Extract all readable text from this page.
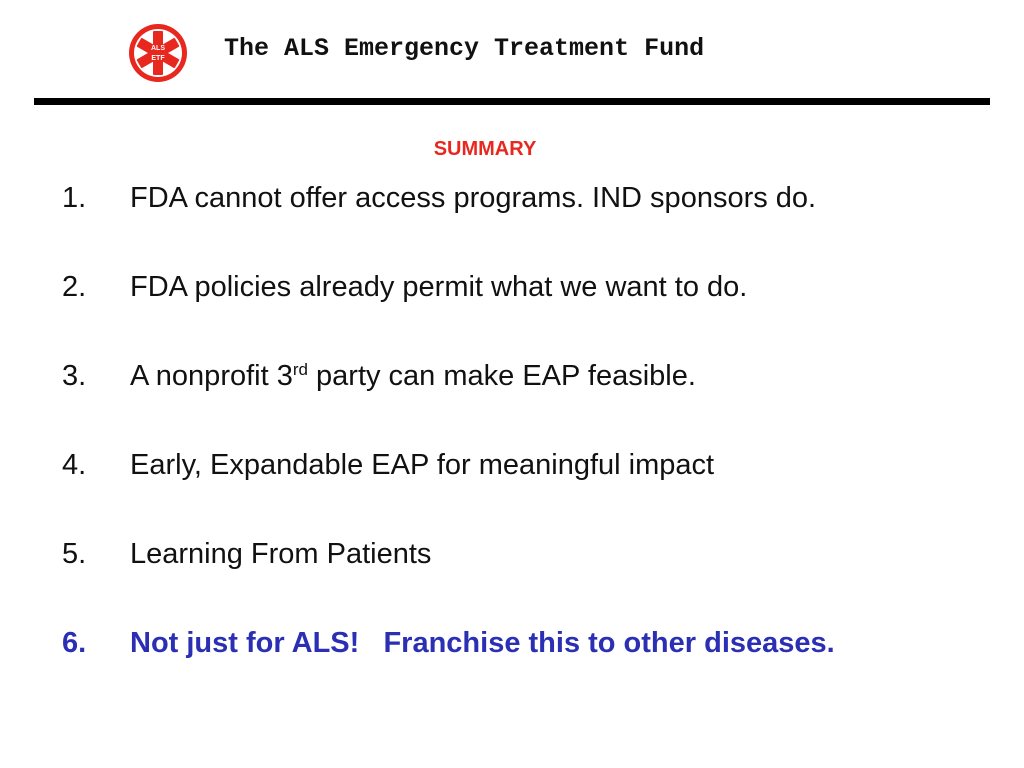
ALS
ETF The ALS Emergency Treatment Fund
SUMMARY
1. FDA cannot offer access programs. IND sponsors do.
2. FDA policies already permit what we want to do.
3. A nonprofit 3rd party can make EAP feasible.
4. Early, Expandable EAP for meaningful impact
5. Learning From Patients
6. Not just for ALS!   Franchise this to other diseases.
